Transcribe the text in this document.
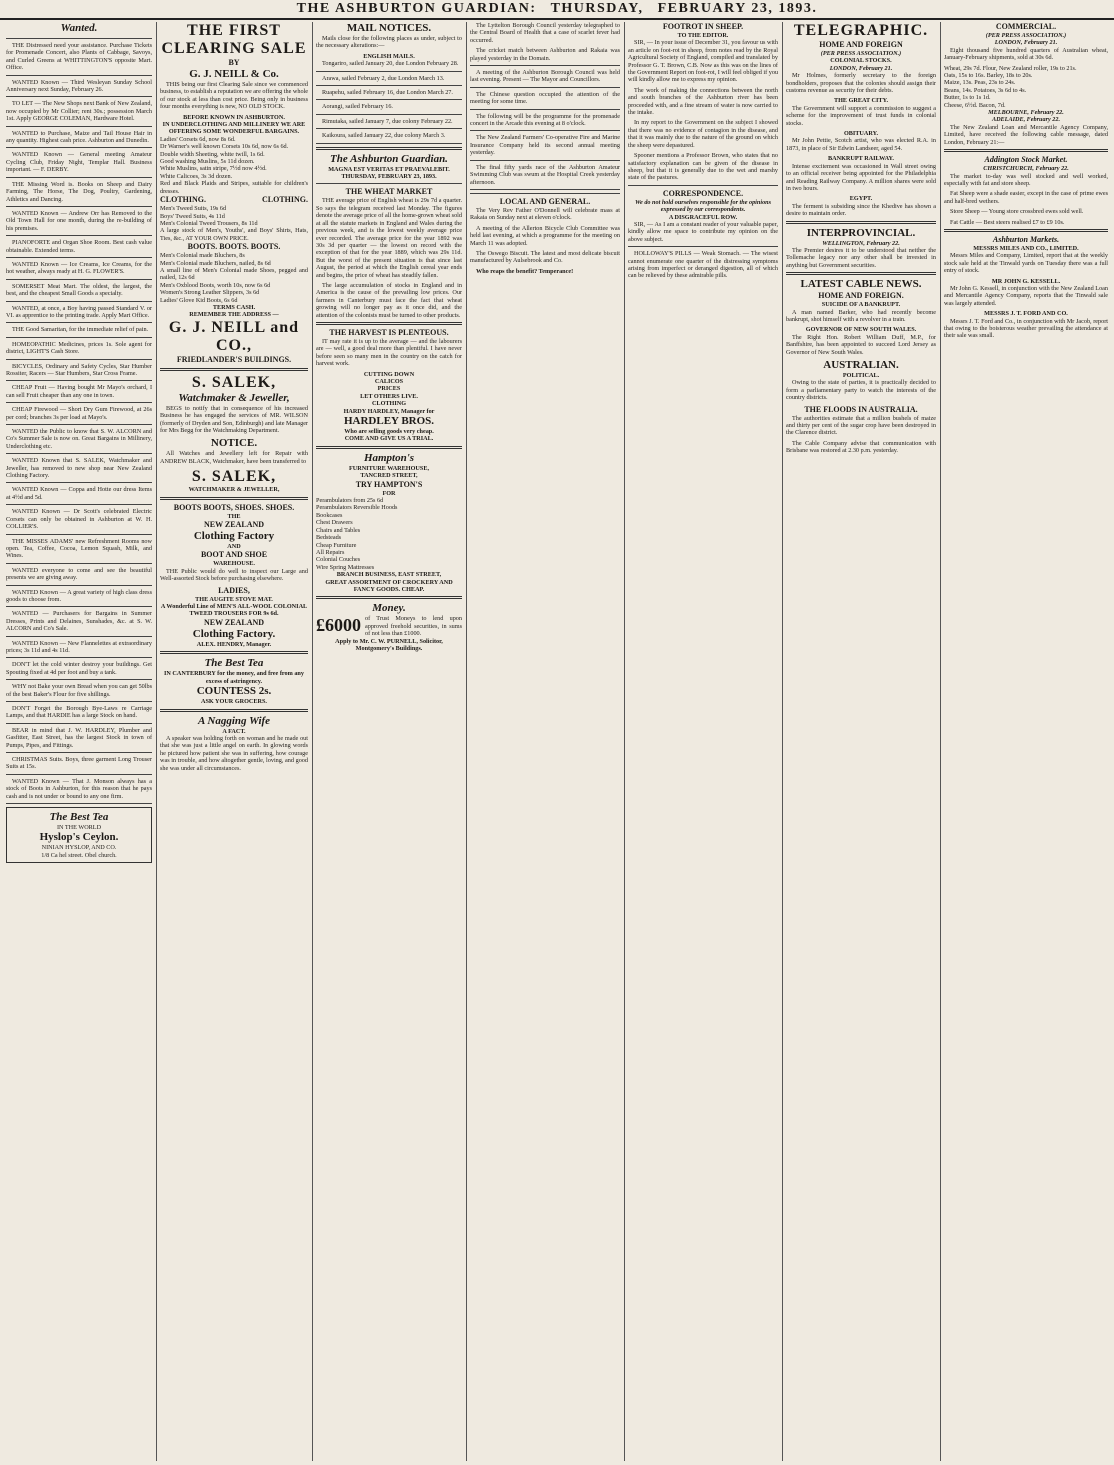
THE ASHBURTON GUARDIAN: THURSDAY, FEBRUARY 23, 1893.
Wanted.

THE Distressed need your assistance. Purchase Tickets for Promenade Concert, also Plants of Cabbage, Savoys, and Curled Greens at WHITTINGTON'S opposite Mart. Office.

WANTED Known — Third Wesleyan Sunday School Anniversary next Sunday, February 26.

TO LET — The New Shops next Bank of New Zealand, now occupied by Mr Collier; rent 30s.; possession March 1st. Apply GEORGE COLEMAN, Hardware Hotel.

WANTED to Purchase, Maize and Tail House Hair in any quantity. Highest cash price. Ashburton and Dunedin.

WANTED Known — General meeting Amateur Cycling Club, Friday Night, Templar Hall. Business important. — F. DERBY.

THE Missing Word is. Books on Sheep and Dairy Farming, The Horse, The Dog, Poultry, Gardening, Athletics and Dancing.

WANTED Known — Andrew Orr has Removed to the Old Town Hall for one month, during the re-building of his premises.

PIANOFORTE and Organ Shoe Room. Best cash value obtainable. Extended terms.

WANTED Known — Ice Creams, Ice Creams, for the hot weather, always ready at H. G. FLOWER'S.

SOMERSET Meat Mart. The oldest, the largest, the best, and the cheapest Small Goods a specialty.

WANTED, at once, a Boy having passed Standard V. or VI. as apprentice to the printing trade. Apply Mart Office.

THE Good Samaritan, for the immediate relief of pain.

HOMEOPATHIC Medicines, prices 1s. Sole agent for district, LIGHT'S Cash Store.

BICYCLES, Ordinary and Safety Cycles, Star Humber Rossiter, Racers — Star Humbers, Star Cross Frame.

CHEAP Fruit — Having bought Mr Mayo's orchard, I can sell Fruit cheaper than any one in town.

CHEAP Firewood — Short Dry Gum Firewood, at 26s per cord; branches 3s per load at Mayo's.

WANTED the Public to know that S. W. ALCORN and Co's Summer Sale is now on. Great Bargains in Millinery, Underclothing etc.

WANTED Known that S. SALEK, Watchmaker and Jeweller, has removed to new shop near New Zealand Clothing Factory.

WANTED Known — Coppa and Hotte our dress Items at 4½d and 5d.

WANTED Known — Dr Scott's celebrated Electric Corsets can only be obtained in Ashburton at W. H. COLLIER'S.

THE MISSES ADAMS' new Refreshment Rooms now open. Tea, Coffee, Cocoa, Lemon Squash, Milk, and Wines.

WANTED everyone to come and see the beautiful presents we are giving away.

WANTED Known — A great variety of high class dress goods to choose from.

WANTED — Purchasers for Bargains in Summer Dresses, Prints and Delaines, Sunshades, &c. at S. W. ALCORN and Co's Sale.

WANTED Known — New Flannelettes at extraordinary prices; 3s 11d and 4s 11d.

DON'T let the cold winter destroy your buildings. Get Spouting fixed at 4d per foot and buy a tank.

WHY not Bake your own Bread when you can get 50lbs of the best Baker's Flour for five shillings.

DON'T Forget the Borough Bye-Laws re Carriage Lamps, and that HARDIE has a large Stock on hand.

BEAR in mind that J. W. HARDLEY, Plumber and Gasfitter, East Street, has the largest Stock in town of Pumps, Pipes, and Fittings.

CHRISTMAS Suits. Boys, three garment Long Trouser Suits at 15s.

WANTED Known — That J. Monson always has a stock of Boots in Ashburton, for this reason that he pays cash and is not under or bound to any one firm.

The Best Tea
IN THE WORLD
Hyslop's Ceylon.
NINIAN HYSLOP, AND CO.
1/8 Ca hel street. Obel church.
THE FIRST CLEARING SALE
BY
G. J. NEILL & Co.

THIS being our first Clearing Sale since we commenced business, to establish a reputation we are offering the whole of our stock at less than cost price. Being only in business four months everything is new, NO OLD STOCK.

BEFORE KNOWN IN ASHBURTON.
IN UNDERCLOTHING AND MILLINERY WE ARE OFFERING SOME WONDERFUL BARGAINS.
Ladies' Corsets 6d, now 8s 6d.
Dr Warner's well known Corsets 10s 6d, now 6s 6d.
Double width Sheeting, white twill, 1s 6d.
Good washing Muslins, 5s 11d dozen.
White Muslins, satin stripe, 7½d now 4½d.
White Calicoes, 3s 3d dozen.
Red and Black Plaids and Stripes, suitable for children's dresses.
CLOTHING.	CLOTHING.
Men's Tweed Suits, 19s 6d
Boys' Tweed Suits, 4s 11d
Men's Colonial Tweed Trousers, 8s 11d
A large stock of Men's, Youths', and Boys' Shirts, Hats, Ties, &c., AT YOUR OWN PRICE.
BOOTS. BOOTS. BOOTS.
Men's Colonial made Bluchers, 8s
Men's Colonial made Bluchers, nailed, 8s 6d
A small line of Men's Colonial made Shoes, pegged and nailed, 12s 6d
Men's Oxblood Boots, worth 10s, now 6s 6d
Women's Strong Leather Slippers, 3s 6d
Ladies' Glove Kid Boots, 6s 6d
TERMS CASH.
REMEMBER THE ADDRESS —
G. J. NEILL and CO.,
FRIEDLANDER'S BUILDINGS.
S. SALEK,
Watchmaker & Jeweller,

BEGS to notify that in consequence of his increased Business he has engaged the services of MR. WILSON (formerly of Dryden and Son, Edinburgh) and late Manager for Mrs Begg for the Watchmaking Department.

NOTICE.

All Watches and Jewellery left for Repair with ANDREW BLACK, Watchmaker, have been transferred to

S. SALEK,
WATCHMAKER & JEWELLER,
BOOTS BOOTS, SHOES. SHOES.
THE
NEW ZEALAND
Clothing Factory
AND
BOOT AND SHOE
WAREHOUSE.

THE Public would do well to inspect our Large and Well-assorted Stock before purchasing elsewhere.

LADIES,
THE AUGITE STOVE MAT.
A Wonderful Line of MEN'S ALL-WOOL COLONIAL TWEED TROUSERS FOR 9s 6d.
NEW ZEALAND
Clothing Factory.
ALEX. HENDRY, Manager.
The Best Tea
IN CANTERBURY for the money, and free from any excess of astringency.
COUNTESS 2s.
ASK YOUR GROCERS.
A Nagging Wife
A FACT.

A speaker was holding forth on woman and he made out that she was just a little angel on earth. In glowing words he pictured how patient she was in suffering, how courage was in trouble, and how altogether gentle, loving, and good she was under all circumstances.

MAIL NOTICES.

Mails close for the following places as under, subject to the necessary alterations:—

ENGLISH MAILS.

Tongariro, sailed January 20, due London February 28.

Arawa, sailed February 2, due London March 13.

Ruapehu, sailed February 16, due London March 27.

Aorangi, sailed February 16.

Rimutaka, sailed January 7, due colony February 22.

Kaikoura, sailed January 22, due colony March 3.

The Ashburton Guardian.
MAGNA EST VERITAS ET PRAEVALEBIT.
THURSDAY, FEBRUARY 23, 1893.
THE WHEAT MARKET

THE average price of English wheat is 29s 7d a quarter. So says the telegram received last Monday. The figures denote the average price of all the home-grown wheat sold at all the statute markets in England and Wales during the previous week, and is the lowest weekly average price ever recorded. The average price for the year 1892 was 30s 3d per quarter — the lowest on record with the exception of that for the year 1889, which was 29s 11d. But the worst of the present situation is that since last August, the period at which the English cereal year ends and begins, the price of wheat has steadily fallen.

The large accumulation of stocks in England and in America is the cause of the prevailing low prices. Our farmers in Canterbury must face the fact that wheat growing will no longer pay as it once did, and the attention of the colonists must be turned to other products.

THE HARVEST IS PLENTEOUS.

IT may rate it is up to the average — and the labourers are — well, a good deal more than plentiful. I have never before seen so many men in the country on the catch for harvest work.

CUTTING DOWN
CALICOS
PRICES
LET OTHERS LIVE.
CLOTHING
HARDY HARDLEY, Manager for
HARDLEY BROS.
Who are selling goods very cheap.
COME AND GIVE US A TRIAL.
Hampton's
FURNITURE WAREHOUSE,
TANCRED STREET,
TRY HAMPTON'S
FOR
Perambulators from 25s 6d
Perambulators Reversible Hoods
Bookcases
Chest Drawers
Chairs and Tables
Bedsteads
Cheap Furniture
All Repairs
Colonial Couches
Wire Spring Mattresses
BRANCH BUSINESS, EAST STREET,
GREAT ASSORTMENT OF CROCKERY AND FANCY GOODS. CHEAP.
Money.
£6000 of Trust Moneys to lend upon approved freehold securities, in sums of not less than £1000.
Apply to Mr. C. W. PURNELL, Solicitor, Montgomery's Buildings.

The Lyttelton Borough Council yesterday telegraphed to the Central Board of Health that a case of scarlet fever had occurred.

The cricket match between Ashburton and Rakaia was played yesterday in the Domain.

A meeting of the Ashburton Borough Council was held last evening. Present — The Mayor and Councillors.

The Chinese question occupied the attention of the meeting for some time.

The following will be the programme for the promenade concert in the Arcade this evening at 8 o'clock.

The New Zealand Farmers' Co-operative Fire and Marine Insurance Company held its second annual meeting yesterday.

The final fifty yards race of the Ashburton Amateur Swimming Club was swum at the Hospital Creek yesterday afternoon.

LOCAL AND GENERAL.

The Very Rev Father O'Donnell will celebrate mass at Rakaia on Sunday next at eleven o'clock.

A meeting of the Allerton Bicycle Club Committee was held last evening, at which a programme for the meeting on March 11 was adopted.

The Oswego Biscuit. The latest and most delicate biscuit manufactured by Aulsebrook and Co.

Who reaps the benefit? Temperance!

FOOTROT IN SHEEP.
TO THE EDITOR.

SIR, — In your issue of December 31, you favour us with an article on foot-rot in sheep, from notes read by the Royal Agricultural Society of England, compiled and translated by Professor G. T. Brown, C.B. Now as this was on the lines of the Government Report on foot-rot, I will feel obliged if you will kindly allow me to express my opinion.

The work of making the connections between the north and south branches of the Ashburton river has been proceeded with, and a fine stream of water is now carried to the intake.

In my report to the Government on the subject I showed that there was no evidence of contagion in the disease, and that it was mainly due to the nature of the ground on which the sheep were depastured.

Spooner mentions a Professor Brown, who states that no satisfactory explanation can be given of the disease in sheep, but that it is generally due to the wet and marshy state of the pastures.

CORRESPONDENCE.
We do not hold ourselves responsible for the opinions expressed by our correspondents.
A DISGRACEFUL ROW.

SIR, — As I am a constant reader of your valuable paper, kindly allow me space to contribute my opinion on the above subject.

HOLLOWAY'S PILLS — Weak Stomach. — The wisest cannot enumerate one quarter of the distressing symptoms arising from imperfect or deranged digestion, all of which can be relieved by these admirable pills.

TELEGRAPHIC.
HOME AND FOREIGN
(PER PRESS ASSOCIATION.)
COLONIAL STOCKS.
LONDON, February 21.

Mr Holmes, formerly secretary to the foreign bondholders, proposes that the colonies should assign their customs revenue as security for their debts.

THE GREAT CITY.

The Government will support a commission to suggest a scheme for the improvement of trust funds in colonial stocks.

OBITUARY.

Mr John Pettie, Scotch artist, who was elected R.A. in 1873, in place of Sir Edwin Landseer, aged 54.

BANKRUPT RAILWAY.

Intense excitement was occasioned in Wall street owing to an official receiver being appointed for the Philadelphia and Reading Railway Company. A million shares were sold in two hours.

EGYPT.

The ferment is subsiding since the Khedive has shown a desire to maintain order.

INTERPROVINCIAL.
WELLINGTON, February 22.

The Premier desires it to be understood that neither the Tollemache legacy nor any other shall be invested in anything but Government securities.

LATEST CABLE NEWS.
HOME AND FOREIGN.
SUICIDE OF A BANKRUPT.

A man named Barker, who had recently become bankrupt, shot himself with a revolver in a train.

GOVERNOR OF NEW SOUTH WALES.

The Right Hon. Robert William Duff, M.P., for Banffshire, has been appointed to succeed Lord Jersey as Governor of New South Wales.

AUSTRALIAN.
POLITICAL.

Owing to the state of parties, it is practically decided to form a parliamentary party to watch the interests of the country districts.

THE FLOODS IN AUSTRALIA.

The authorities estimate that a million bushels of maize and thirty per cent of the sugar crop have been destroyed in the Clarence district.

The Cable Company advise that communication with Brisbane was restored at 2.30 p.m. yesterday.

COMMERCIAL.
(PER PRESS ASSOCIATION.)
LONDON, February 21.

Eight thousand five hundred quarters of Australian wheat, January-February shipments, sold at 30s 6d.

Wheat, 29s 7d. Flour, New Zealand roller, 19s to 21s.
Oats, 15s to 16s. Barley, 18s to 20s.
Maize, 13s. Peas, 23s to 24s.
Beans, 14s. Potatoes, 3s 6d to 4s.
Butter, 1s to 1s 1d.
Cheese, 6½d. Bacon, 7d.
MELBOURNE, February 22.
ADELAIDE, February 22.

The New Zealand Loan and Mercantile Agency Company, Limited, have received the following cable message, dated London, February 21:—

Addington Stock Market.
CHRISTCHURCH, February 22.

The market to-day was well stocked and well worked, especially with fat and store sheep.

Fat Sheep were a shade easier, except in the case of prime ewes and half-bred wethers.

Store Sheep — Young store crossbred ewes sold well.

Fat Cattle — Best steers realised £7 to £9 10s.

Ashburton Markets.
MESSRS MILES AND CO., LIMITED.

Messrs Miles and Company, Limited, report that at the weekly stock sale held at the Tinwald yards on Tuesday there was a full entry of stock.

MR JOHN G. KESSELL.

Mr John G. Kessell, in conjunction with the New Zealand Loan and Mercantile Agency Company, reports that the Tinwald sale was largely attended.

MESSRS J. T. FORD AND CO.

Messrs J. T. Ford and Co., in conjunction with Mr Jacob, report that owing to the boisterous weather prevailing the attendance at their sale was small.
